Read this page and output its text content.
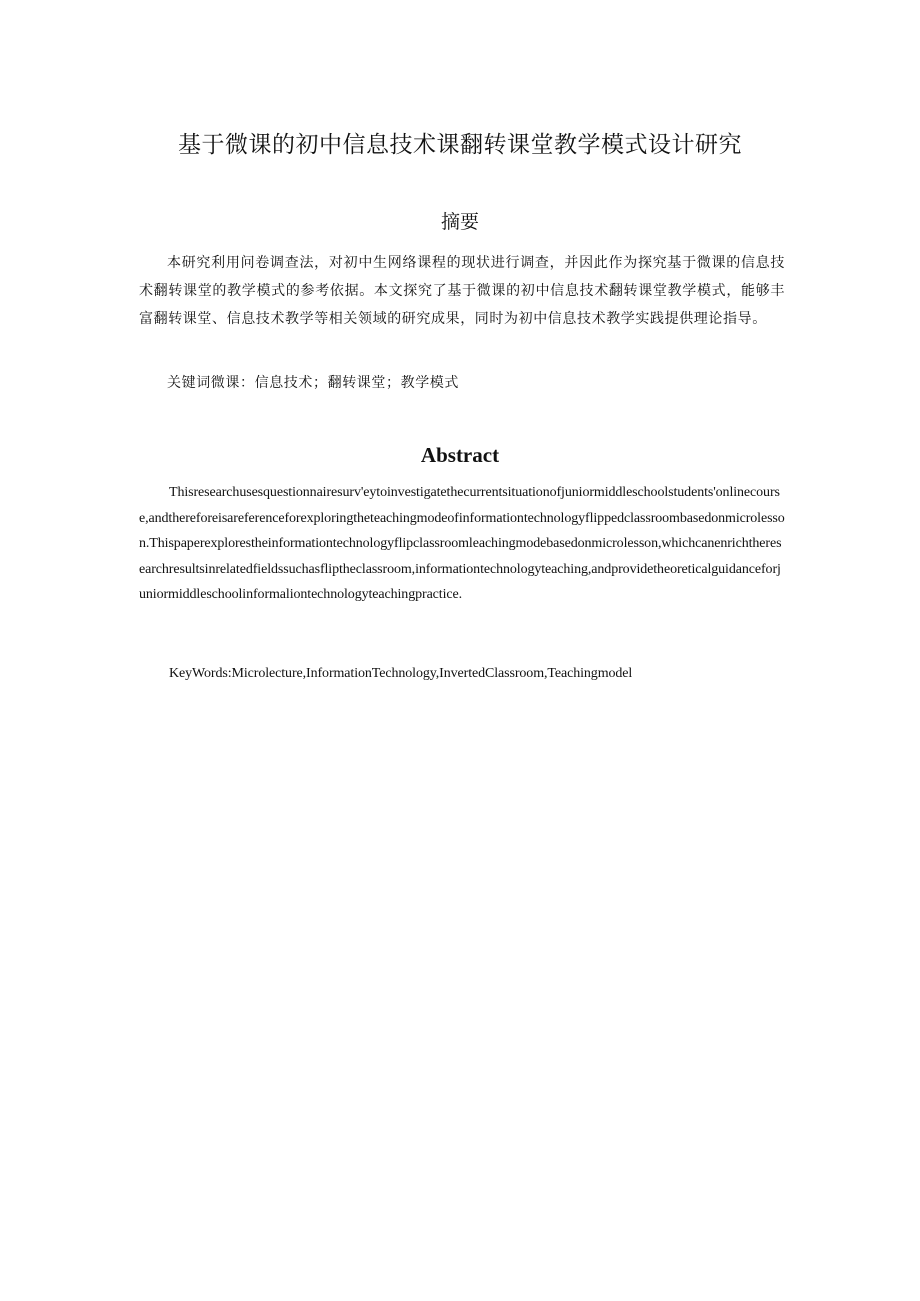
基于微课的初中信息技术课翻转课堂教学模式设计研究
摘要

本研究利用问卷调查法，对初中生网络课程的现状进行调查，并因此作为探究基于微课的信息技术翻转课堂的教学模式的参考依据。本文探究了基于微课的初中信息技术翻转课堂教学模式，能够丰富翻转课堂、信息技术教学等相关领域的研究成果，同时为初中信息技术教学实践提供理论指导。

关键词微课：信息技术；翻转课堂；教学模式

Abstract

Thisresearchusesquestionnairesurv'eytoinvestigatethecurrentsituationofjuniormiddleschoolstudents'onlinecourse,andthereforeisareferenceforexploringtheteachingmodeofinformationtechnologyflippedclassroombasedonmicrolesson.Thispaperexplorestheinformationtechnologyflipclassroomleachingmodebasedonmicrolesson,whichcanenrichtheresearchresultsinrelatedfieldssuchasfliptheclassroom,informationtechnologyteaching,andprovidetheoreticalguidanceforjuniormiddleschoolinformaliontechnologyteachingpractice.

KeyWords:Microlecture,InformationTechnology,InvertedClassroom,Teachingmodel
